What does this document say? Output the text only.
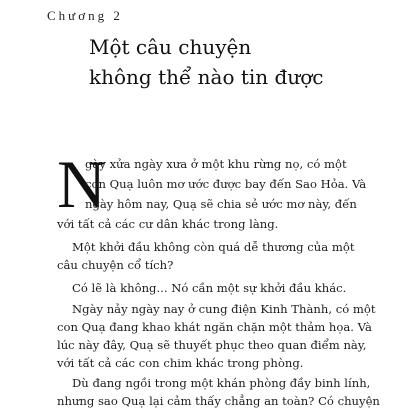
Chương 2
Một câu chuyện
không thể nào tin được
N
gày xửa ngày xưa ở một khu rừng nọ, có một
con Quạ luôn mơ ước được bay đến Sao Hỏa. Và
ngày hôm nay, Quạ sẽ chia sẻ ước mơ này, đến
với tất cả các cư dân khác trong làng.
Một khởi đầu không còn quá dễ thương của một
câu chuyện cổ tích?
Có lẽ là không... Nó cần một sự khởi đầu khác.
Ngày nảy ngày nay ở cung điện Kinh Thành, có một
con Quạ đang khao khát ngăn chặn một thảm họa. Và
lúc này đây, Quạ sẽ thuyết phục theo quan điểm này,
với tất cả các con chim khác trong phòng.
Dù đang ngồi trong một khán phòng đầy binh lính,
nhưng sao Quạ lại cảm thấy chẳng an toàn? Có chuyện
